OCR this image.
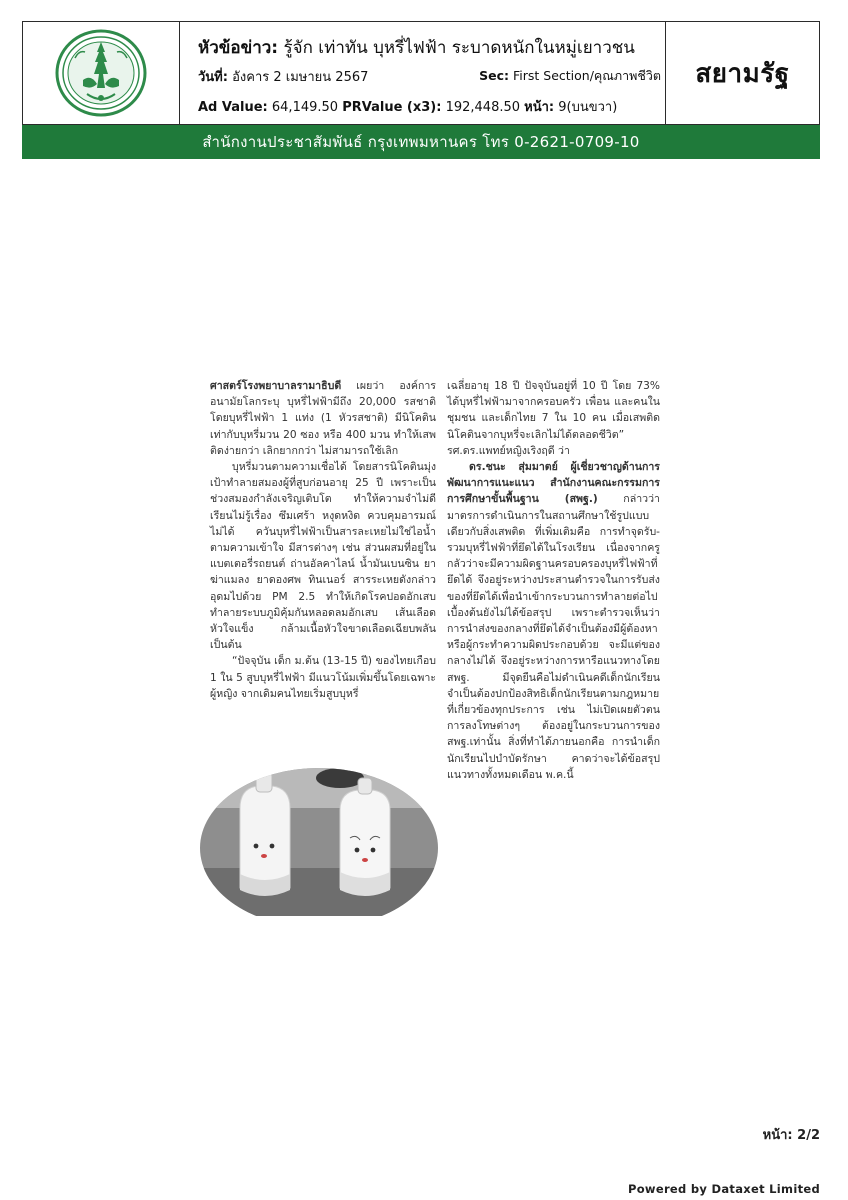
หัวข้อข่าว: รู้จัก เท่าทัน บุหรี่ไฟฟ้า ระบาดหนักในหมู่เยาวชน
วันที่: อังคาร 2 เมษายน 2567	Sec: First Section/คุณภาพชีวิต
Ad Value: 64,149.50 PRValue (x3): 192,448.50 หน้า: 9(บนขวา)
สยามรัฐ
สำนักงานประชาสัมพันธ์ กรุงเทพมหานคร โทร 0-2621-0709-10

ศาสตร์โรงพยาบาลรามาธิบดี เผยว่า องค์การอนามัยโลกระบุ บุหรี่ไฟฟ้ามีถึง 20,000 รสชาติ โดยบุหรี่ไฟฟ้า 1 แท่ง (1 หัวรสชาติ) มีนิโคตินเท่ากับบุหรี่มวน 20 ซอง หรือ 400 มวน ทำให้เสพติดง่ายกว่า เลิกยากกว่า ไม่สามารถใช้เลิก

บุหรี่มวนตามความเชื่อได้ โดยสารนิโคตินมุ่งเป้าทำลายสมองผู้ที่สูบก่อนอายุ 25 ปี เพราะเป็นช่วงสมองกำลังเจริญเติบโต ทำให้ความจำไม่ดี เรียนไม่รู้เรื่อง ซึมเศร้า หงุดหงิด ควบคุมอารมณ์ไม่ได้ ควันบุหรี่ไฟฟ้าเป็นสารละเหยไม่ใช่ไอน้ำตามความเข้าใจ มีสารต่างๆ เช่น ส่วนผสมที่อยู่ในแบตเตอรี่รถยนต์ ถ่านอัลคาไลน์ น้ำมันเบนซิน ยาฆ่าแมลง ยาดองศพ ทินเนอร์ สารระเหยดังกล่าวอุดมไปด้วย PM 2.5 ทำให้เกิดโรคปอดอักเสบทำลายระบบภูมิคุ้มกันหลอดลมอักเสบ เส้นเลือดหัวใจแข็ง กล้ามเนื้อหัวใจขาดเลือดเฉียบพลัน เป็นต้น

“ปัจจุบัน เด็ก ม.ต้น (13-15 ปี) ของไทยเกือบ 1 ใน 5 สูบบุหรี่ไฟฟ้า มีแนวโน้มเพิ่มขึ้นโดยเฉพาะผู้หญิง จากเดิมคนไทยเริ่มสูบบุหรี่

เฉลี่ยอายุ 18 ปี ปัจจุบันอยู่ที่ 10 ปี โดย 73% ได้บุหรี่ไฟฟ้ามาจากครอบครัว เพื่อน และคนในชุมชน และเด็กไทย 7 ใน 10 คน เมื่อเสพติดนิโคตินจากบุหรี่จะเลิกไม่ได้ตลอดชีวิต” รศ.ดร.แพทย์หญิงเริงฤดี ว่า

ดร.ชนะ สุ่มมาตย์ ผู้เชี่ยวชาญด้านการพัฒนาการแนะแนว สำนักงานคณะกรรมการการศึกษาขั้นพื้นฐาน (สพฐ.) กล่าวว่า มาตรการดำเนินการในสถานศึกษาใช้รูปแบบเดียวกับสิ่งเสพติด ที่เพิ่มเติมคือ การทำจุดรับ-รวมบุหรี่ไฟฟ้าที่ยึดได้ในโรงเรียน เนื่องจากครูกลัวว่าจะมีความผิดฐานครอบครองบุหรี่ไฟฟ้าที่ยึดได้ จึงอยู่ระหว่างประสานตำรวจในการรับส่งของที่ยึดได้เพื่อนำเข้ากระบวนการทำลายต่อไป เบื้องต้นยังไม่ได้ข้อสรุป เพราะตำรวจเห็นว่า การนำส่งของกลางที่ยึดได้จำเป็นต้องมีผู้ต้องหาหรือผู้กระทำความผิดประกอบด้วย จะมีแต่ของกลางไม่ได้ จึงอยู่ระหว่างการหารือแนวทางโดย สพฐ. มีจุดยืนคือไม่ดำเนินคดีเด็กนักเรียน จำเป็นต้องปกป้องสิทธิเด็กนักเรียนตามกฎหมายที่เกี่ยวข้องทุกประการ เช่น ไม่เปิดเผยตัวตน การลงโทษต่างๆ ต้องอยู่ในกระบวนการของ สพฐ.เท่านั้น สิ่งที่ทำได้ภายนอกคือ การนำเด็กนักเรียนไปบำบัดรักษา คาดว่าจะได้ข้อสรุปแนวทางทั้งหมดเดือน พ.ค.นี้

หน้า: 2/2
Powered by Dataxet Limited
